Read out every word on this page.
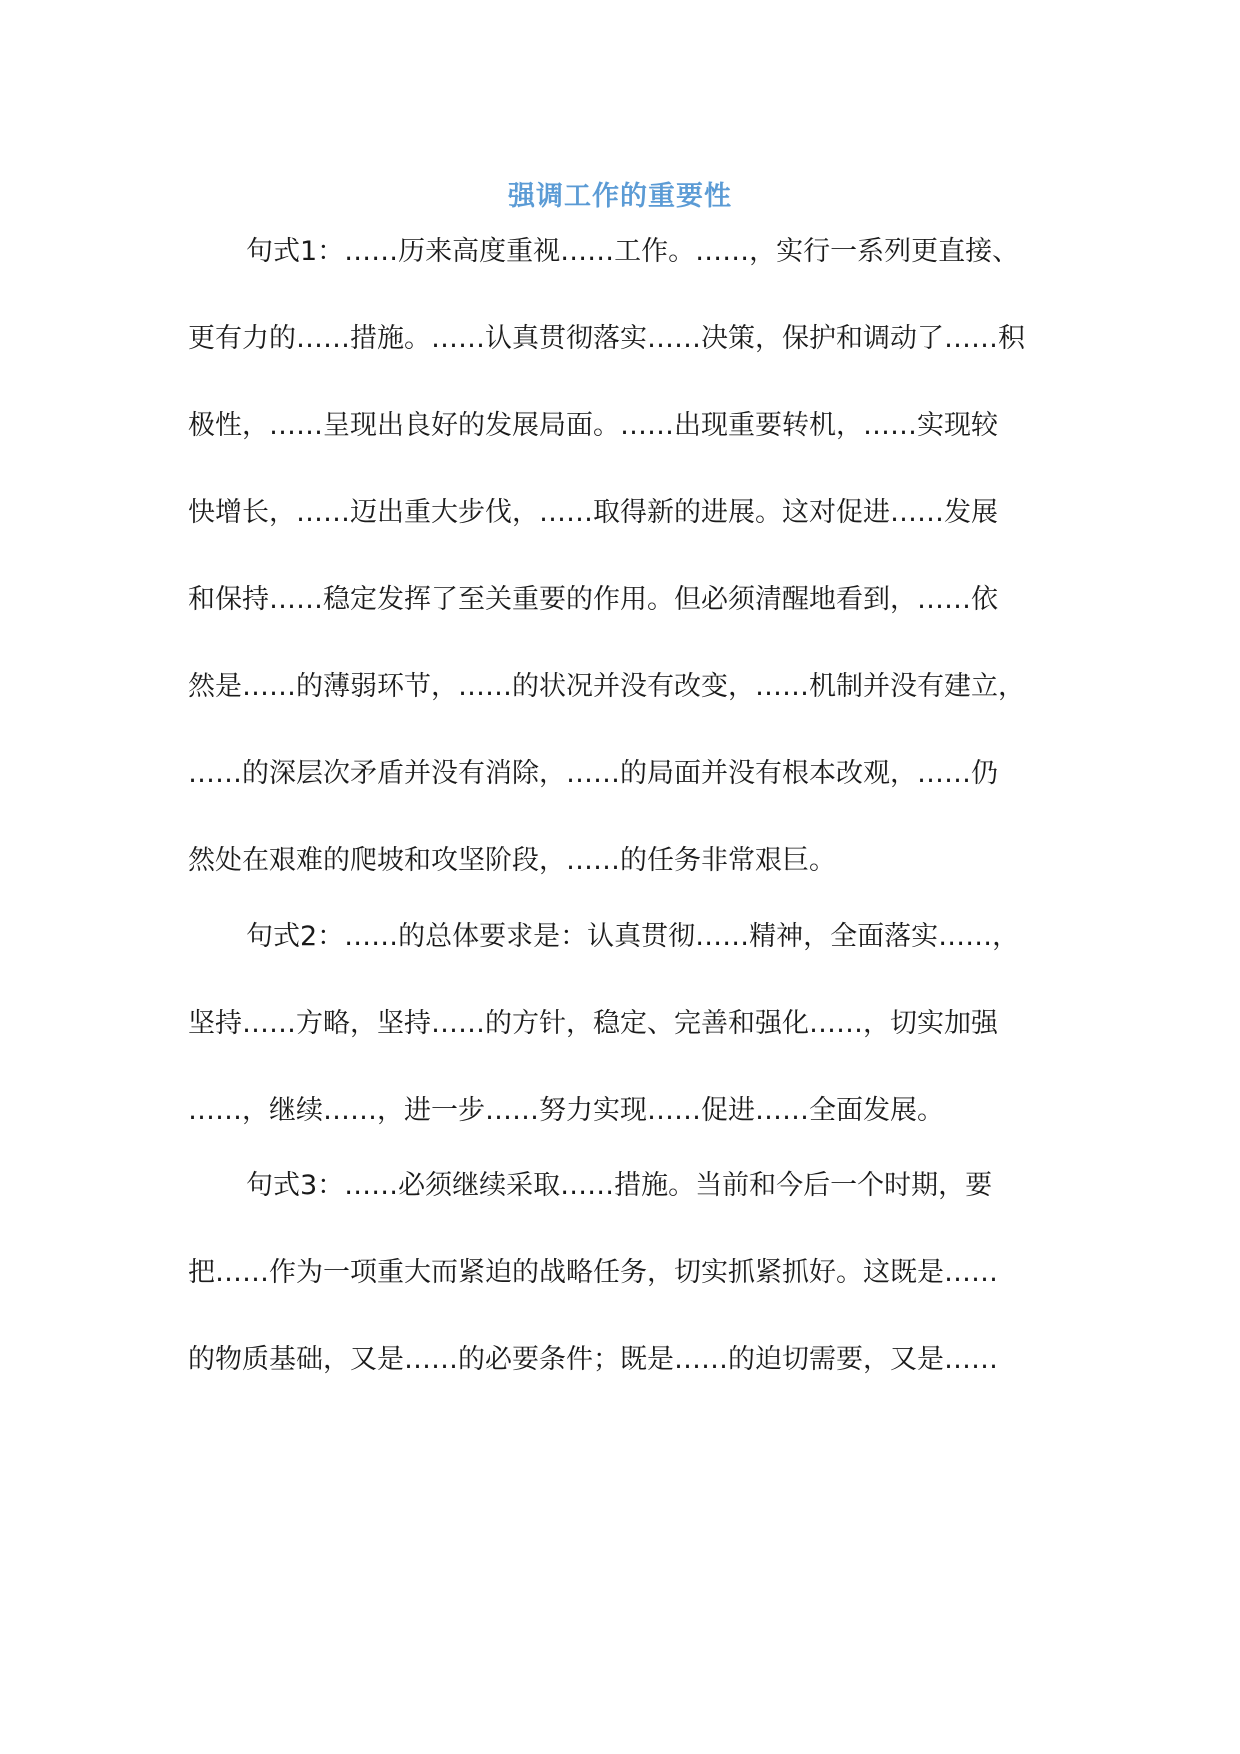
强调工作的重要性
句式1：……历来高度重视……工作。……，实行一系列更直接、
更有力的……措施。……认真贯彻落实……决策，保护和调动了……积
极性，……呈现出良好的发展局面。……出现重要转机，……实现较
快增长，……迈出重大步伐，……取得新的进展。这对促进……发展
和保持……稳定发挥了至关重要的作用。但必须清醒地看到，……依
然是……的薄弱环节，……的状况并没有改变，……机制并没有建立，
……的深层次矛盾并没有消除，……的局面并没有根本改观，……仍
然处在艰难的爬坡和攻坚阶段，……的任务非常艰巨。
句式2：……的总体要求是：认真贯彻……精神，全面落实……，
坚持……方略，坚持……的方针，稳定、完善和强化……，切实加强
……，继续……，进一步……努力实现……促进……全面发展。
句式3：……必须继续采取……措施。当前和今后一个时期，要
把……作为一项重大而紧迫的战略任务，切实抓紧抓好。这既是……
的物质基础，又是……的必要条件；既是……的迫切需要，又是……
